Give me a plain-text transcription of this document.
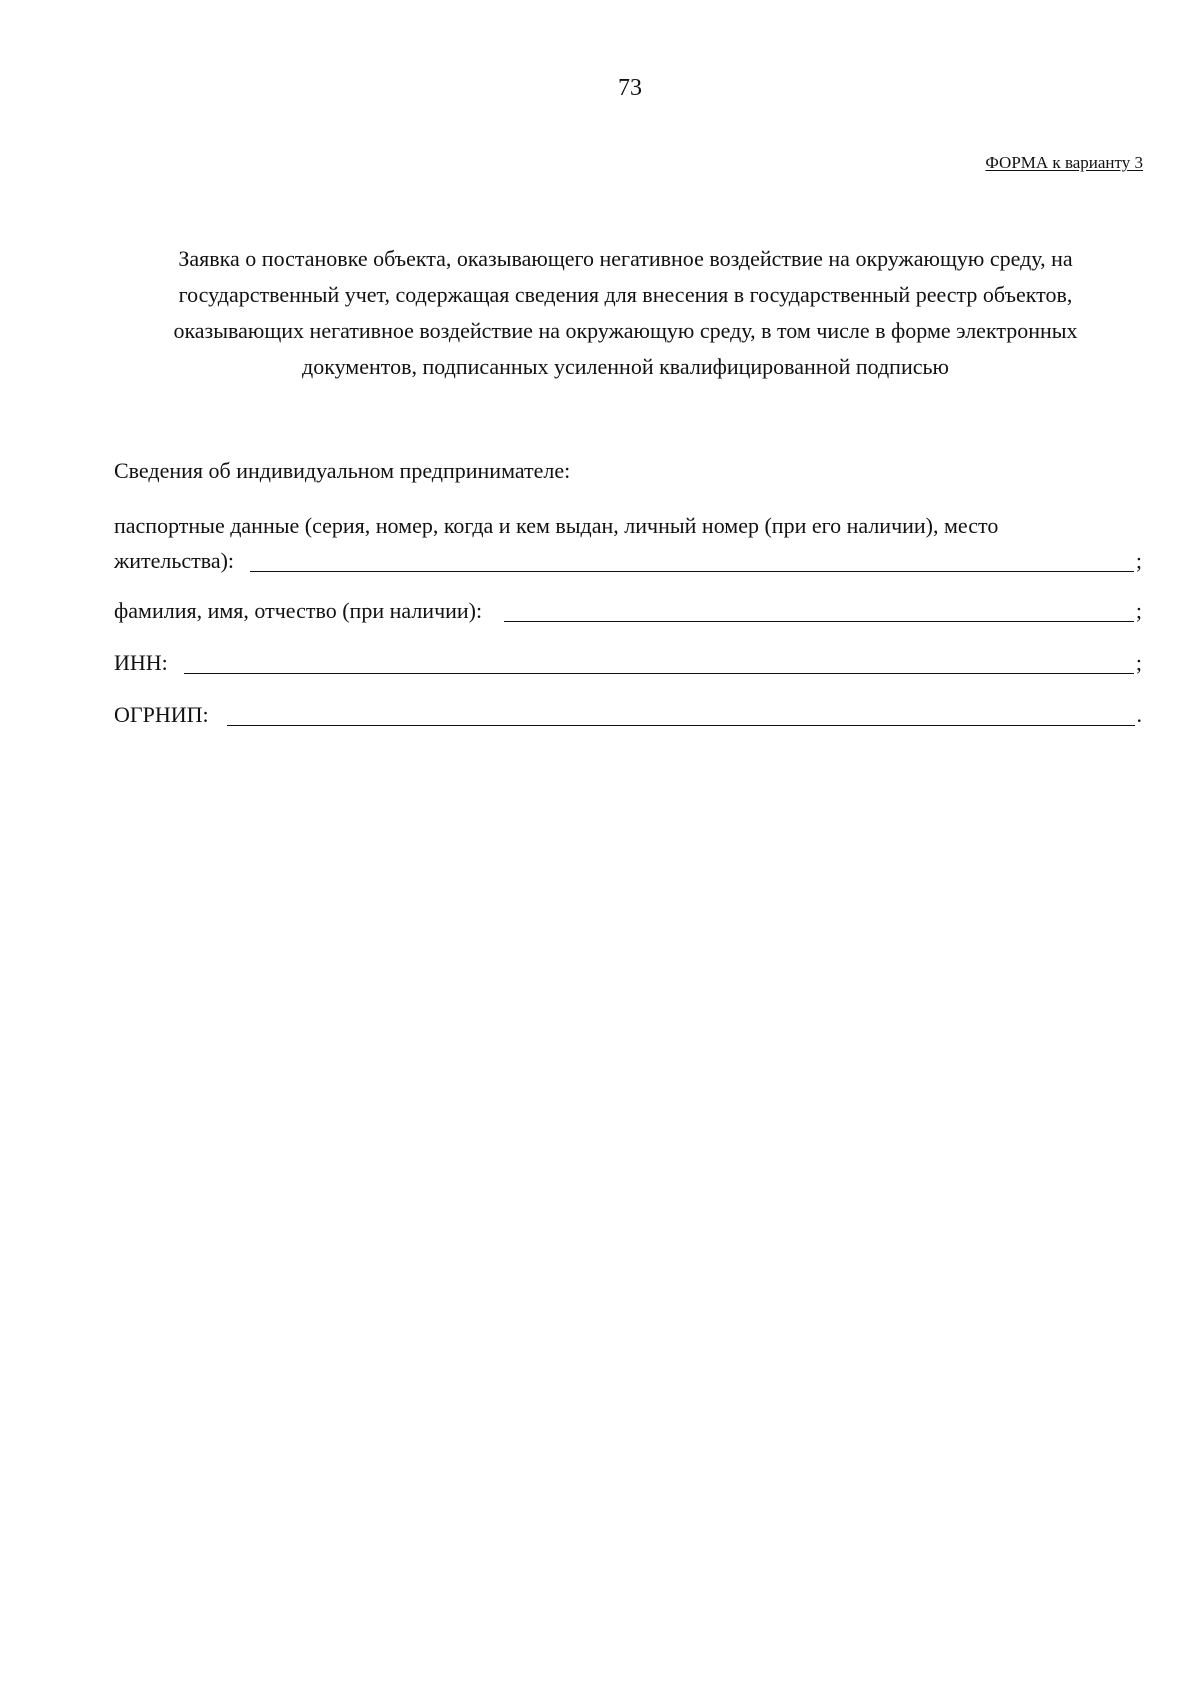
73
ФОРМА к варианту 3
Заявка о постановке объекта, оказывающего негативное воздействие на окружающую среду, на
государственный учет, содержащая сведения для внесения в государственный реестр объектов,
оказывающих негативное воздействие на окружающую среду, в том числе в форме электронных
документов, подписанных усиленной квалифицированной подписью
Сведения об индивидуальном предпринимателе:
паспортные данные (серия, номер, когда и кем выдан, личный номер (при его наличии), место
жительства):	;
фамилия, имя, отчество (при наличии):	;
ИНН:	;
ОГРНИП:	.
